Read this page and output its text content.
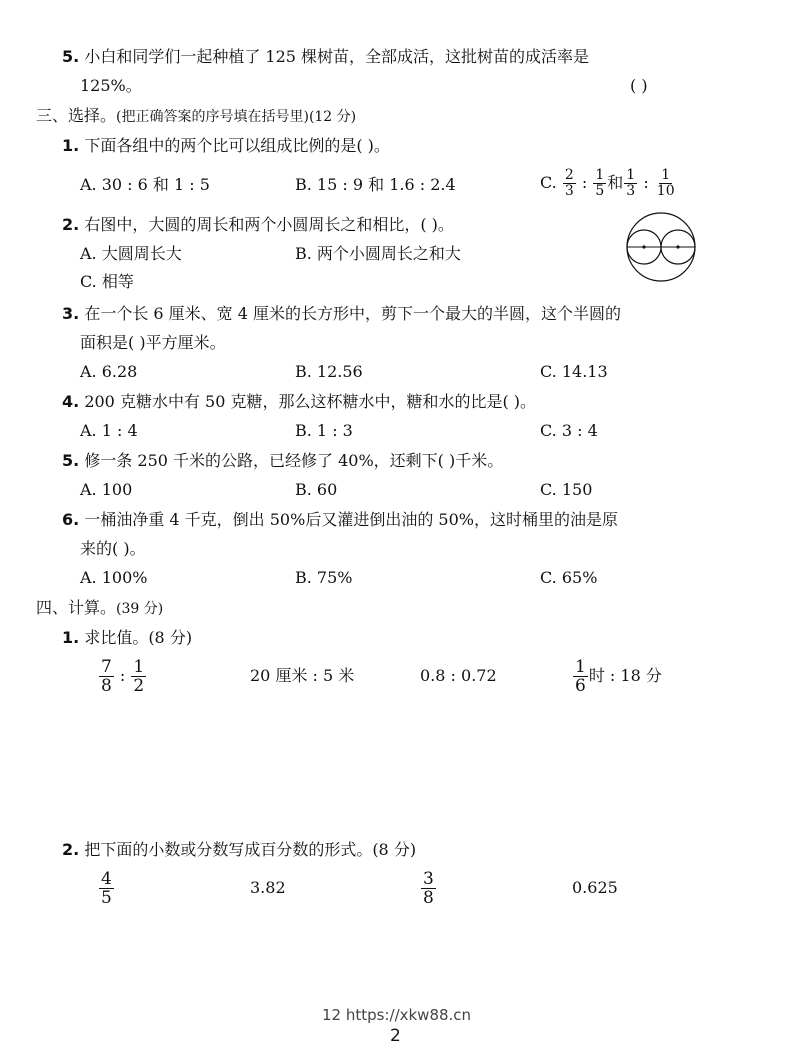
5. 小白和同学们一起种植了 125 棵树苗，全部成活，这批树苗的成活率是
125%。	( )
三、选择。(把正确答案的序号填在括号里)(12 分)
1. 下面各组中的两个比可以组成比例的是( )。
A. 30 : 6 和 1 : 5	B. 15 : 9 和 1.6 : 2.4	C. $\frac{2}{3}$ : $\frac{1}{5}$ 和 $\frac{1}{3}$ : $\frac{1}{10}$
2. 右图中，大圆的周长和两个小圆周长之和相比，( )。
A. 大圆周长大	B. 两个小圆周长之和大
C. 相等
3. 在一个长 6 厘米、宽 4 厘米的长方形中，剪下一个最大的半圆，这个半圆的
面积是( )平方厘米。
A. 6.28	B. 12.56	C. 14.13
4. 200 克糖水中有 50 克糖，那么这杯糖水中，糖和水的比是( )。
A. 1 : 4	B. 1 : 3	C. 3 : 4
5. 修一条 250 千米的公路，已经修了 40%，还剩下( )千米。
A. 100	B. 60	C. 150
6. 一桶油净重 4 千克，倒出 50%后又灌进倒出油的 50%，这时桶里的油是原
来的( )。
A. 100%	B. 75%	C. 65%
四、计算。(39 分)
1. 求比值。(8 分)
$\frac{7}{8}$ : $\frac{1}{2}$	20 厘米 : 5 米	0.8 : 0.72	$\frac{1}{6}$ 时 : 18 分
2. 把下面的小数或分数写成百分数的形式。(8 分)
$\frac{4}{5}$	3.82	$\frac{3}{8}$	0.625
12 https://xkw88.cn
2
